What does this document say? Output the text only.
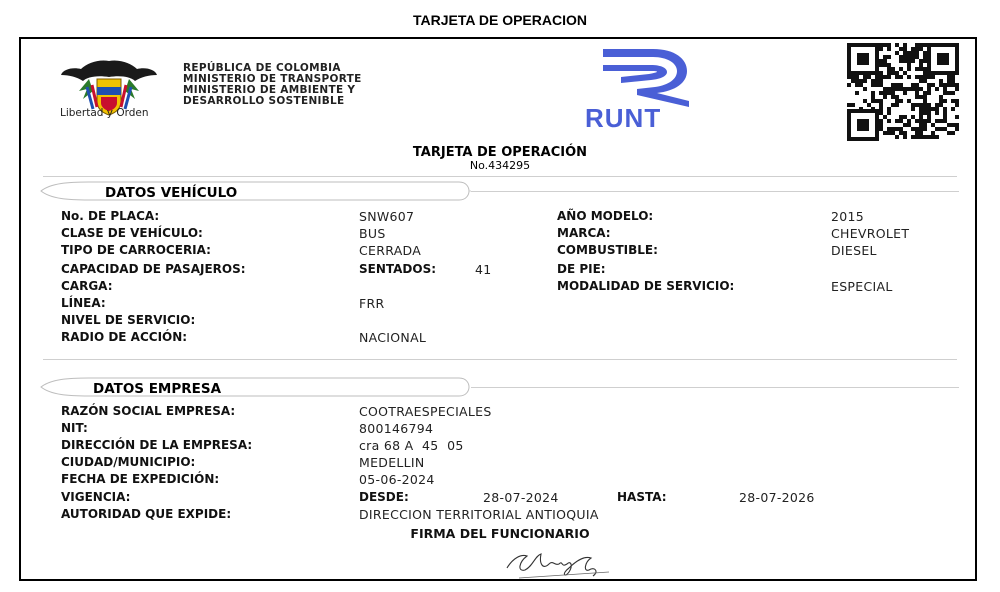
TARJETA DE OPERACION
Libertad y Orden
REPÚBLICA DE COLOMBIA
MINISTERIO DE TRANSPORTE
MINISTERIO DE AMBIENTE Y
DESARROLLO SOSTENIBLE
RUNT
TARJETA DE OPERACIÓN
No.434295
DATOS VEHÍCULO
No. DE PLACA:	SNW607
CLASE DE VEHÍCULO:	BUS
TIPO DE CARROCERIA:	CERRADA
CAPACIDAD DE PASAJEROS:	SENTADOS:	41
CARGA:
LÍNEA:	FRR
NIVEL DE SERVICIO:
RADIO DE ACCIÓN:	NACIONAL
AÑO MODELO:	2015
MARCA:	CHEVROLET
COMBUSTIBLE:	DIESEL
DE PIE:
MODALIDAD DE SERVICIO:	ESPECIAL
DATOS EMPRESA
RAZÓN SOCIAL EMPRESA:	COOTRAESPECIALES
NIT:	800146794
DIRECCIÓN DE LA EMPRESA:	cra 68 A  45  05
CIUDAD/MUNICIPIO:	MEDELLIN
FECHA DE EXPEDICIÓN:	05-06-2024
VIGENCIA:	DESDE:	28-07-2024	HASTA:	28-07-2026
AUTORIDAD QUE EXPIDE:	DIRECCION TERRITORIAL ANTIOQUIA
FIRMA DEL FUNCIONARIO
